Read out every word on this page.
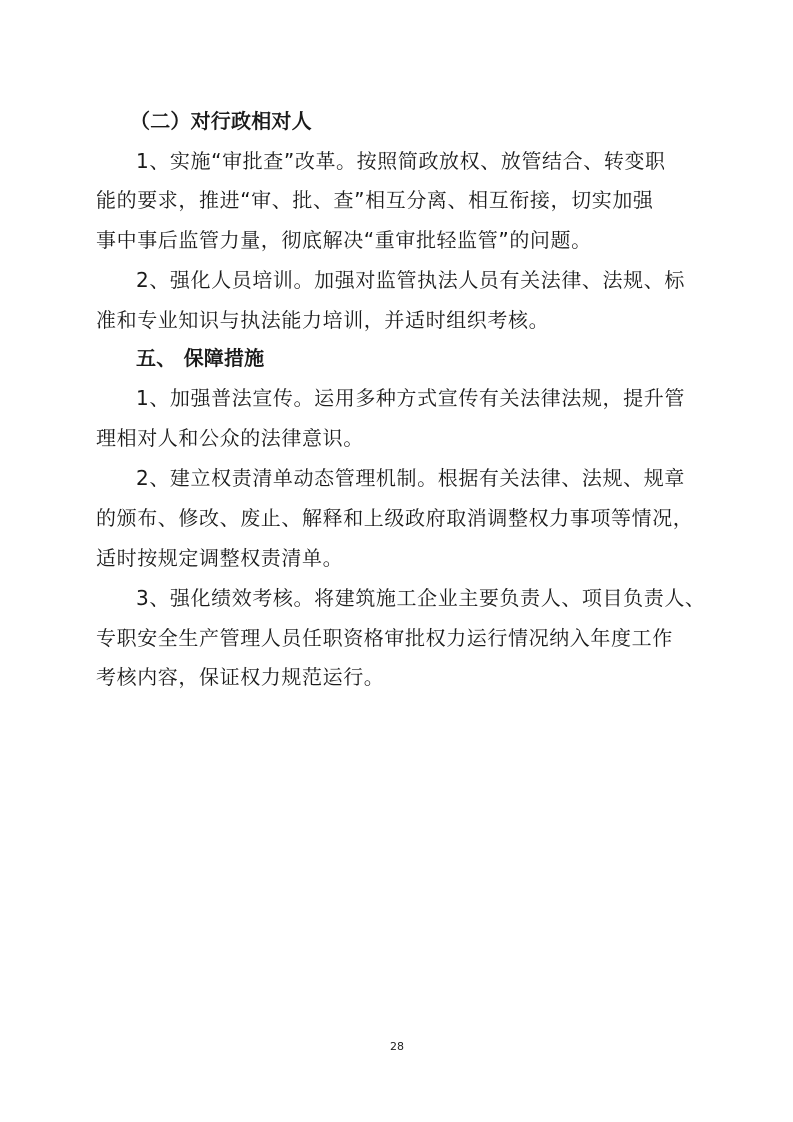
（二）对行政相对人
1、实施“审批查”改革。按照简政放权、放管结合、转变职
能的要求，推进“审、批、查”相互分离、相互衔接，切实加强
事中事后监管力量，彻底解决“重审批轻监管”的问题。
2、强化人员培训。加强对监管执法人员有关法律、法规、标
准和专业知识与执法能力培训，并适时组织考核。
五、 保障措施
1、加强普法宣传。运用多种方式宣传有关法律法规，提升管
理相对人和公众的法律意识。
2、建立权责清单动态管理机制。根据有关法律、法规、规章
的颁布、修改、废止、解释和上级政府取消调整权力事项等情况，
适时按规定调整权责清单。
3、强化绩效考核。将建筑施工企业主要负责人、项目负责人、
专职安全生产管理人员任职资格审批权力运行情况纳入年度工作
考核内容，保证权力规范运行。
28
